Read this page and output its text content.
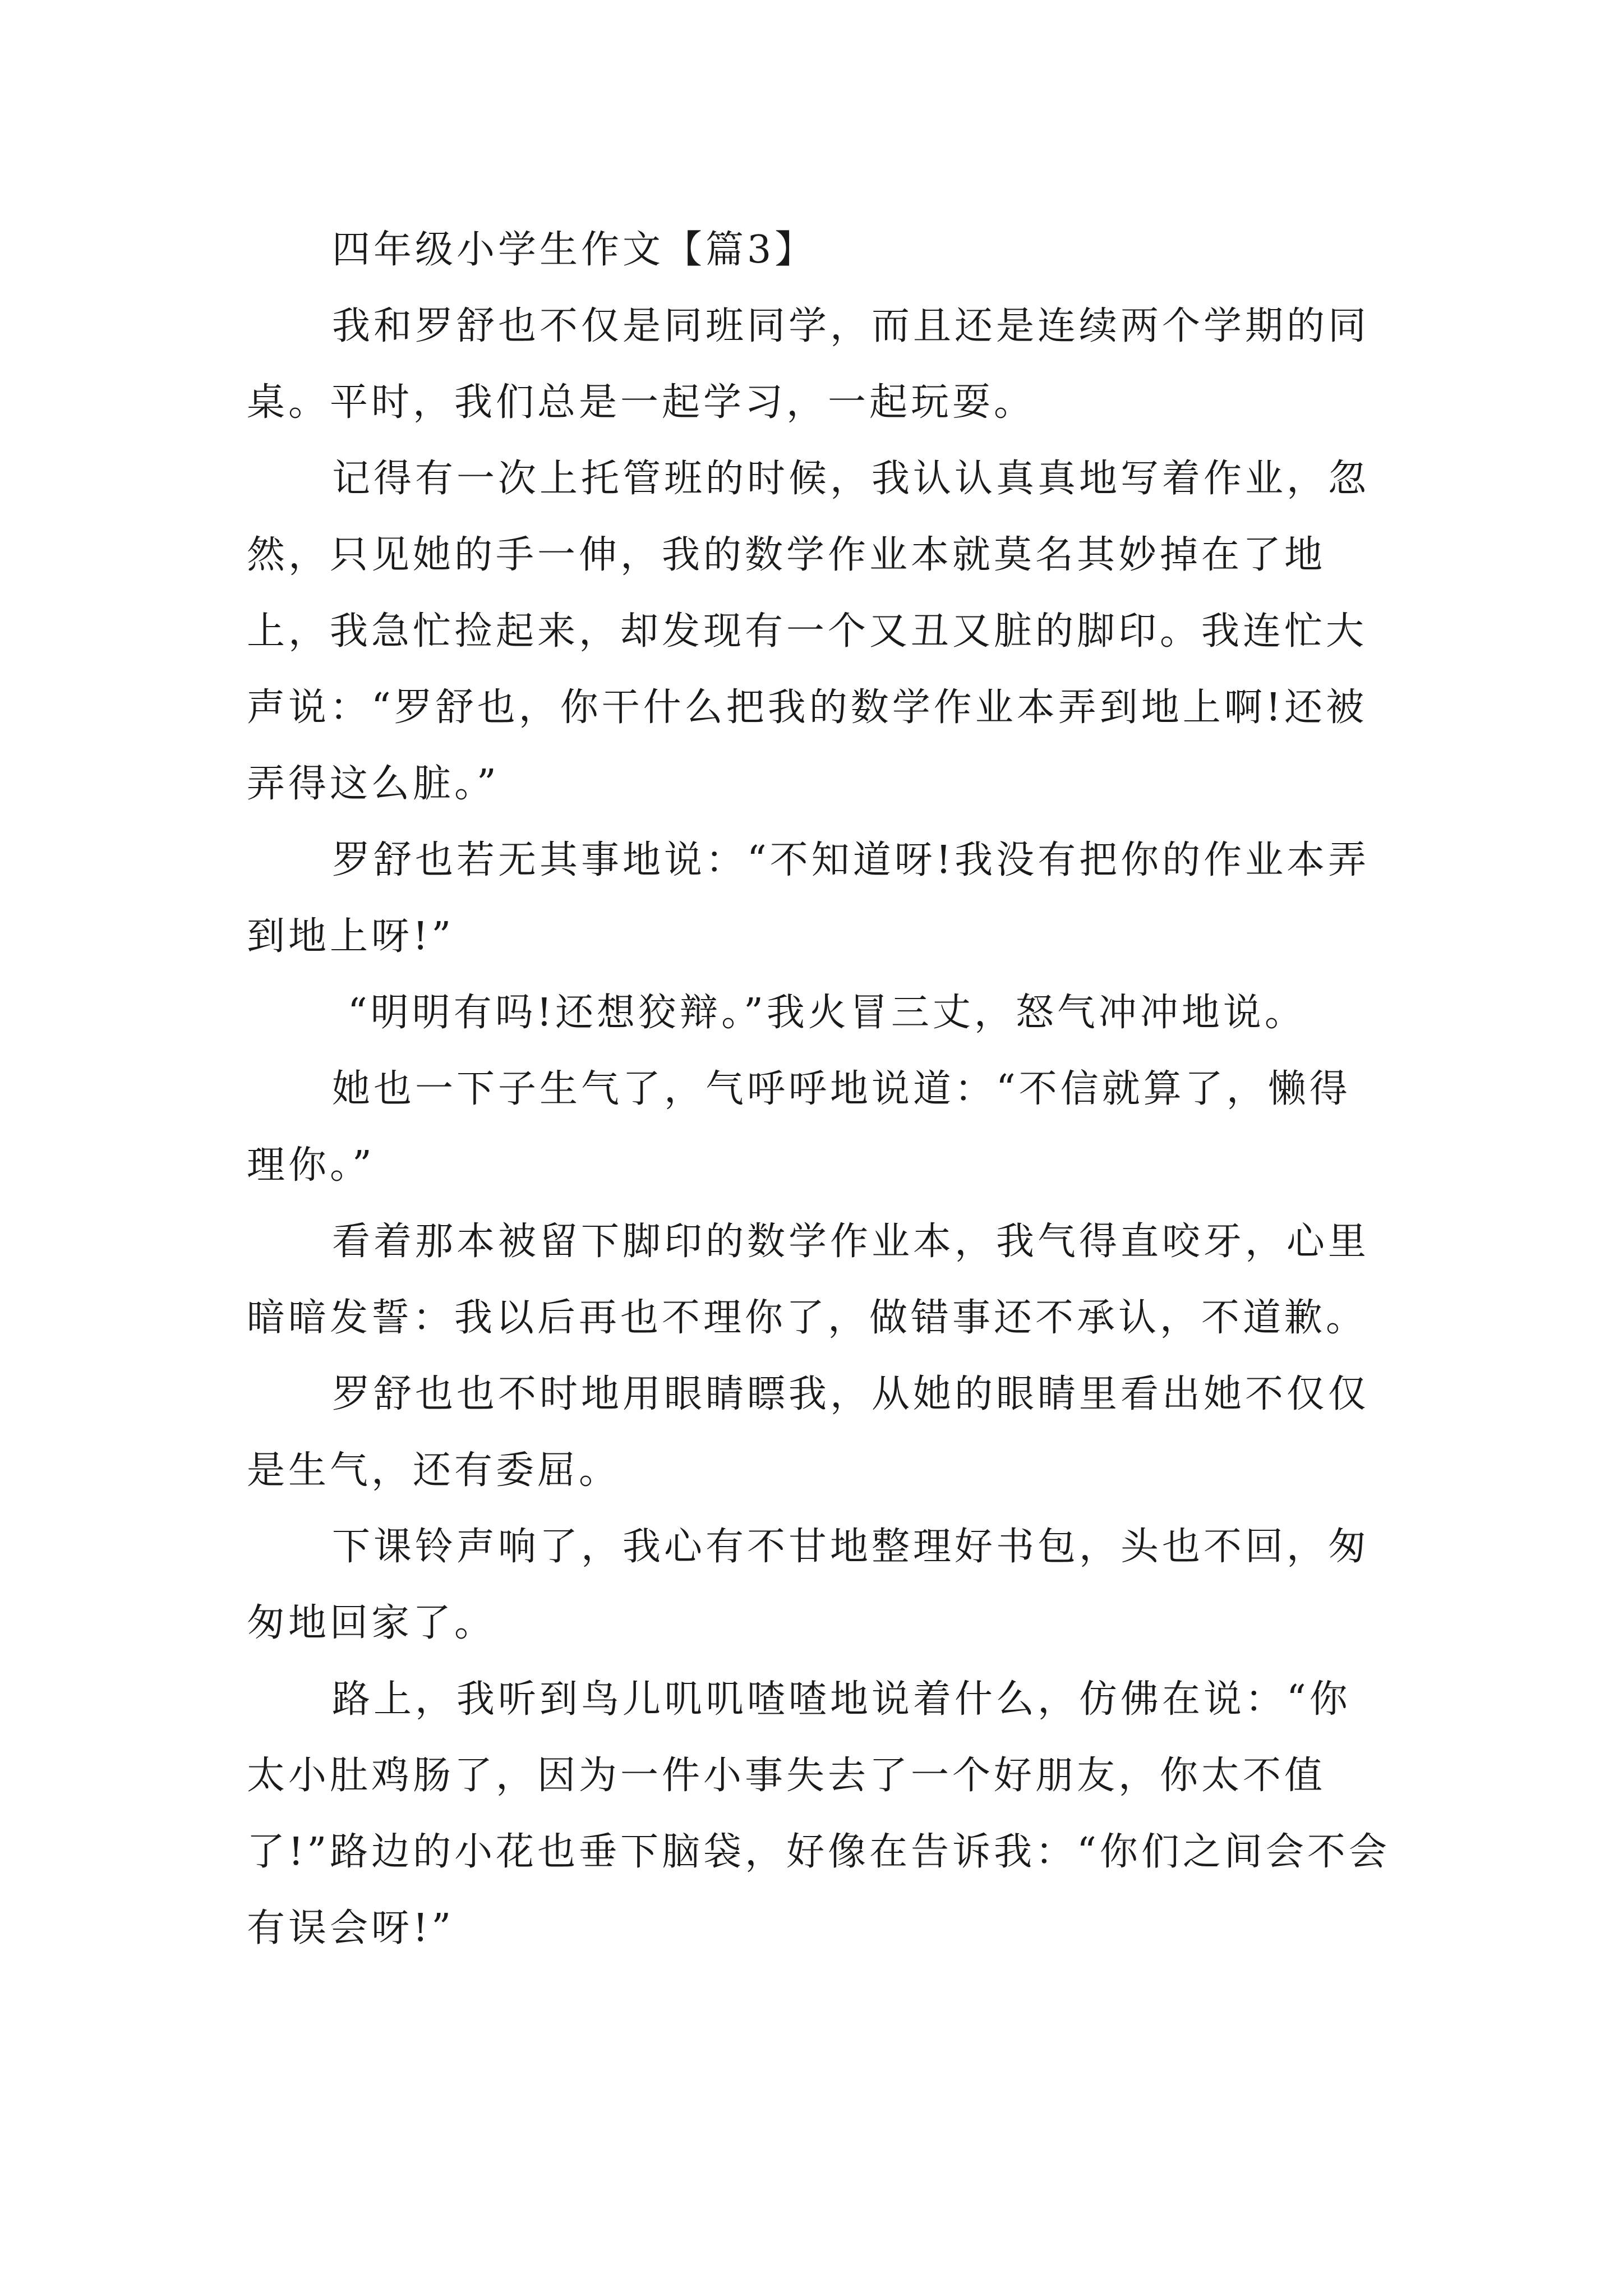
四年级小学生作文【篇3】

我和罗舒也不仅是同班同学，而且还是连续两个学期的同桌。平时，我们总是一起学习，一起玩耍。

记得有一次上托管班的时候，我认认真真地写着作业，忽然，只见她的手一伸，我的数学作业本就莫名其妙掉在了地上，我急忙捡起来，却发现有一个又丑又脏的脚印。我连忙大声说：“罗舒也，你干什么把我的数学作业本弄到地上啊!还被弄得这么脏。”

罗舒也若无其事地说：“不知道呀!我没有把你的作业本弄到地上呀!”

“明明有吗!还想狡辩。”我火冒三丈，怒气冲冲地说。

她也一下子生气了，气呼呼地说道：“不信就算了，懒得理你。”

看着那本被留下脚印的数学作业本，我气得直咬牙，心里暗暗发誓：我以后再也不理你了，做错事还不承认，不道歉。

罗舒也也不时地用眼睛瞟我，从她的眼睛里看出她不仅仅是生气，还有委屈。

下课铃声响了，我心有不甘地整理好书包，头也不回，匆匆地回家了。

路上，我听到鸟儿叽叽喳喳地说着什么，仿佛在说：“你太小肚鸡肠了，因为一件小事失去了一个好朋友，你太不值了!”路边的小花也垂下脑袋，好像在告诉我：“你们之间会不会有误会呀!”
